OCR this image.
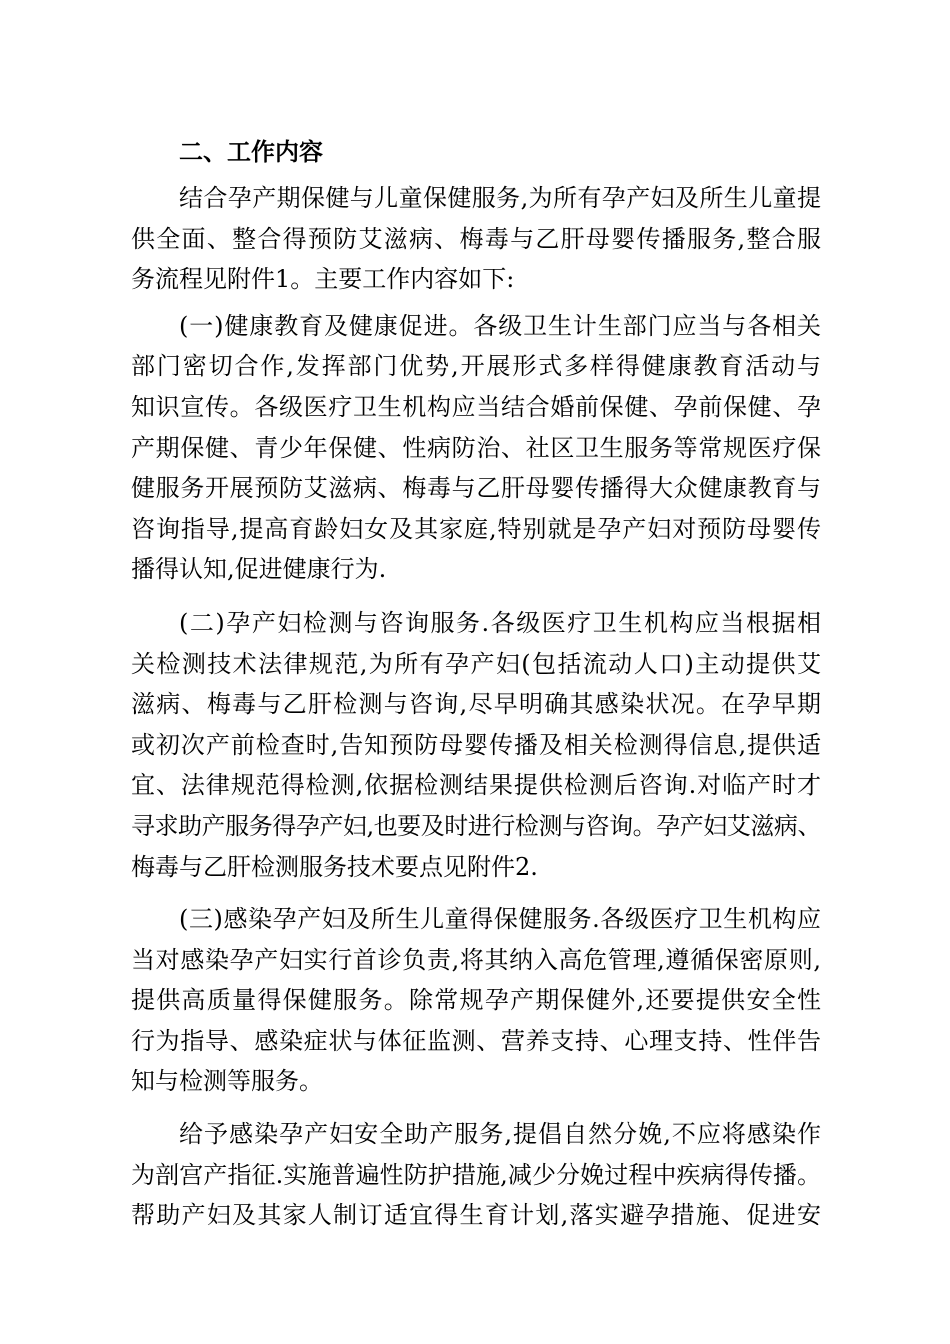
二、工作内容
结合孕产期保健与儿童保健服务,为所有孕产妇及所生儿童提
供全面、整合得预防艾滋病、梅毒与乙肝母婴传播服务,整合服
务流程见附件1。主要工作内容如下:
(一)健康教育及健康促进。各级卫生计生部门应当与各相关
部门密切合作,发挥部门优势,开展形式多样得健康教育活动与
知识宣传。各级医疗卫生机构应当结合婚前保健、孕前保健、孕
产期保健、青少年保健、性病防治、社区卫生服务等常规医疗保
健服务开展预防艾滋病、梅毒与乙肝母婴传播得大众健康教育与
咨询指导,提高育龄妇女及其家庭,特别就是孕产妇对预防母婴传
播得认知,促进健康行为.
(二)孕产妇检测与咨询服务.各级医疗卫生机构应当根据相
关检测技术法律规范,为所有孕产妇(包括流动人口)主动提供艾
滋病、梅毒与乙肝检测与咨询,尽早明确其感染状况。在孕早期
或初次产前检查时,告知预防母婴传播及相关检测得信息,提供适
宜、法律规范得检测,依据检测结果提供检测后咨询.对临产时才
寻求助产服务得孕产妇,也要及时进行检测与咨询。孕产妇艾滋病、
梅毒与乙肝检测服务技术要点见附件2.
(三)感染孕产妇及所生儿童得保健服务.各级医疗卫生机构应
当对感染孕产妇实行首诊负责,将其纳入高危管理,遵循保密原则,
提供高质量得保健服务。除常规孕产期保健外,还要提供安全性
行为指导、感染症状与体征监测、营养支持、心理支持、性伴告
知与检测等服务。
给予感染孕产妇安全助产服务,提倡自然分娩,不应将感染作
为剖宫产指征.实施普遍性防护措施,减少分娩过程中疾病得传播。
帮助产妇及其家人制订适宜得生育计划,落实避孕措施、促进安
